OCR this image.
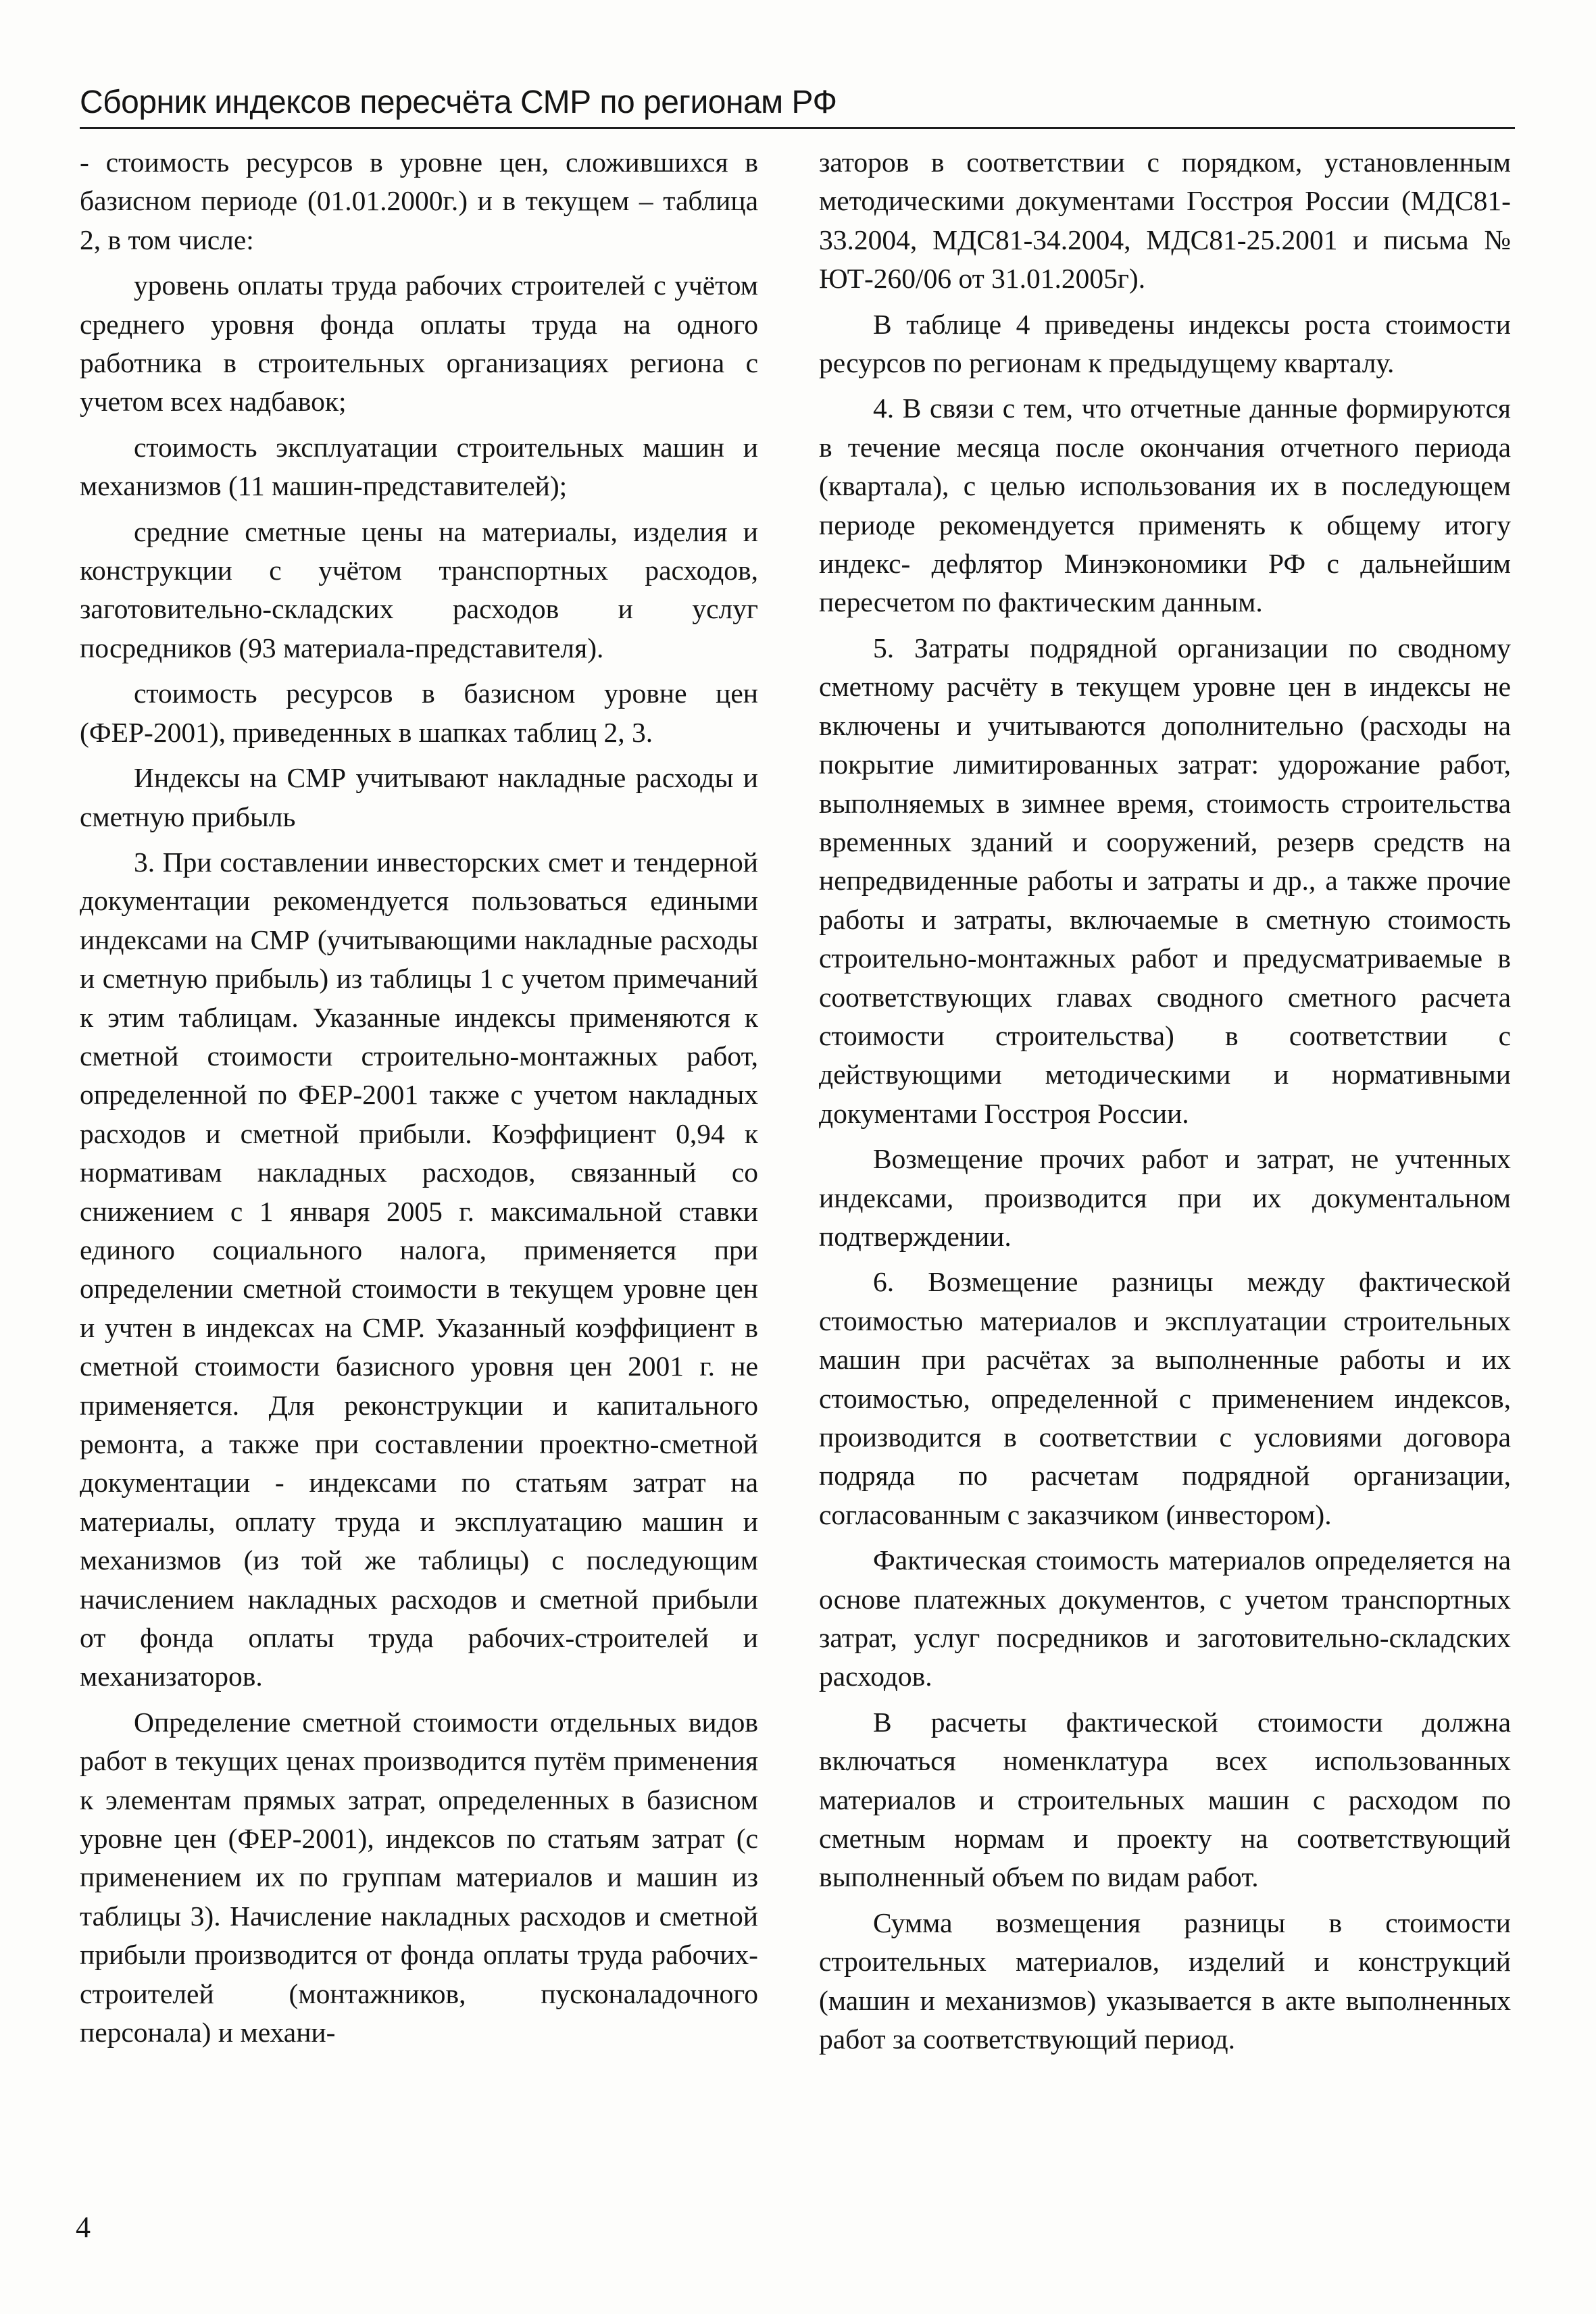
Сборник индексов пересчёта СМР по регионам РФ

- стоимость ресурсов в уровне цен, сложившихся в базисном периоде (01.01.2000г.) и в текущем – таблица 2, в том числе:

уровень оплаты труда рабочих строителей с учётом среднего уровня фонда оплаты труда на одного работника в строительных организациях региона с учетом всех надбавок;

стоимость эксплуатации строительных машин и механизмов (11 машин-представителей);

средние сметные цены на материалы, изделия и конструкции с учётом транспортных расходов, заготовительно-складских расходов и услуг посредников (93 материала-представителя).

стоимость ресурсов в базисном уровне цен (ФЕР-2001), приведенных в шапках таблиц 2, 3.

Индексы на СМР учитывают накладные расходы и сметную прибыль

3. При составлении инвесторских смет и тендерной документации рекомендуется пользоваться едиными индексами на СМР (учитывающими накладные расходы и сметную прибыль) из таблицы 1 с учетом примечаний к этим таблицам. Указанные индексы применяются к сметной стоимости строительно-монтажных работ, определенной по ФЕР-2001 также с учетом накладных расходов и сметной прибыли. Коэффициент 0,94 к нормативам накладных расходов, связанный со снижением с 1 января 2005 г. максимальной ставки единого социального налога, применяется при определении сметной стоимости в текущем уровне цен и учтен в индексах на СМР. Указанный коэффициент в сметной стоимости базисного уровня цен 2001 г. не применяется. Для реконструкции и капитального ремонта, а также при составлении проектно-сметной документации - индексами по статьям затрат на материалы, оплату труда и эксплуатацию машин и механизмов (из той же таблицы) с последующим начислением накладных расходов и сметной прибыли от фонда оплаты труда рабочих-строителей и механизаторов.

Определение сметной стоимости отдельных видов работ в текущих ценах производится путём применения к элементам прямых затрат, определенных в базисном уровне цен (ФЕР-2001), индексов по статьям затрат (с применением их по группам материалов и машин из таблицы 3). Начисление накладных расходов и сметной прибыли производится от фонда оплаты труда рабочих-строителей (монтажников, пусконаладочного персонала) и механи-

заторов в соответствии с порядком, установленным методическими документами Госстроя России (МДС81-33.2004, МДС81-34.2004, МДС81-25.2001 и письма № ЮТ-260/06 от 31.01.2005г).

В таблице 4 приведены индексы роста стоимости ресурсов по регионам к предыдущему кварталу.

4. В связи с тем, что отчетные данные формируются в течение месяца после окончания отчетного периода (квартала), с целью использования их в последующем периоде рекомендуется применять к общему итогу индекс- дефлятор Минэкономики РФ с дальнейшим пересчетом по фактическим данным.

5. Затраты подрядной организации по сводному сметному расчёту в текущем уровне цен в индексы не включены и учитываются дополнительно (расходы на покрытие лимитированных затрат: удорожание работ, выполняемых в зимнее время, стоимость строительства временных зданий и сооружений, резерв средств на непредвиденные работы и затраты и др., а также прочие работы и затраты, включаемые в сметную стоимость строительно-монтажных работ и предусматриваемые в соответствующих главах сводного сметного расчета стоимости строительства) в соответствии с действующими методическими и нормативными документами Госстроя России.

Возмещение прочих работ и затрат, не учтенных индексами, производится при их документальном подтверждении.

6. Возмещение разницы между фактической стоимостью материалов и эксплуатации строительных машин при расчётах за выполненные работы и их стоимостью, определенной с применением индексов, производится в соответствии с условиями договора подряда по расчетам подрядной организации, согласованным с заказчиком (инвестором).

Фактическая стоимость материалов определяется на основе платежных документов, с учетом транспортных затрат, услуг посредников и заготовительно-складских расходов.

В расчеты фактической стоимости должна включаться номенклатура всех использованных материалов и строительных машин с расходом по сметным нормам и проекту на соответствующий выполненный объем по видам работ.

Сумма возмещения разницы в стоимости строительных материалов, изделий и конструкций (машин и механизмов) указывается в акте выполненных работ за соответствующий период.

4
